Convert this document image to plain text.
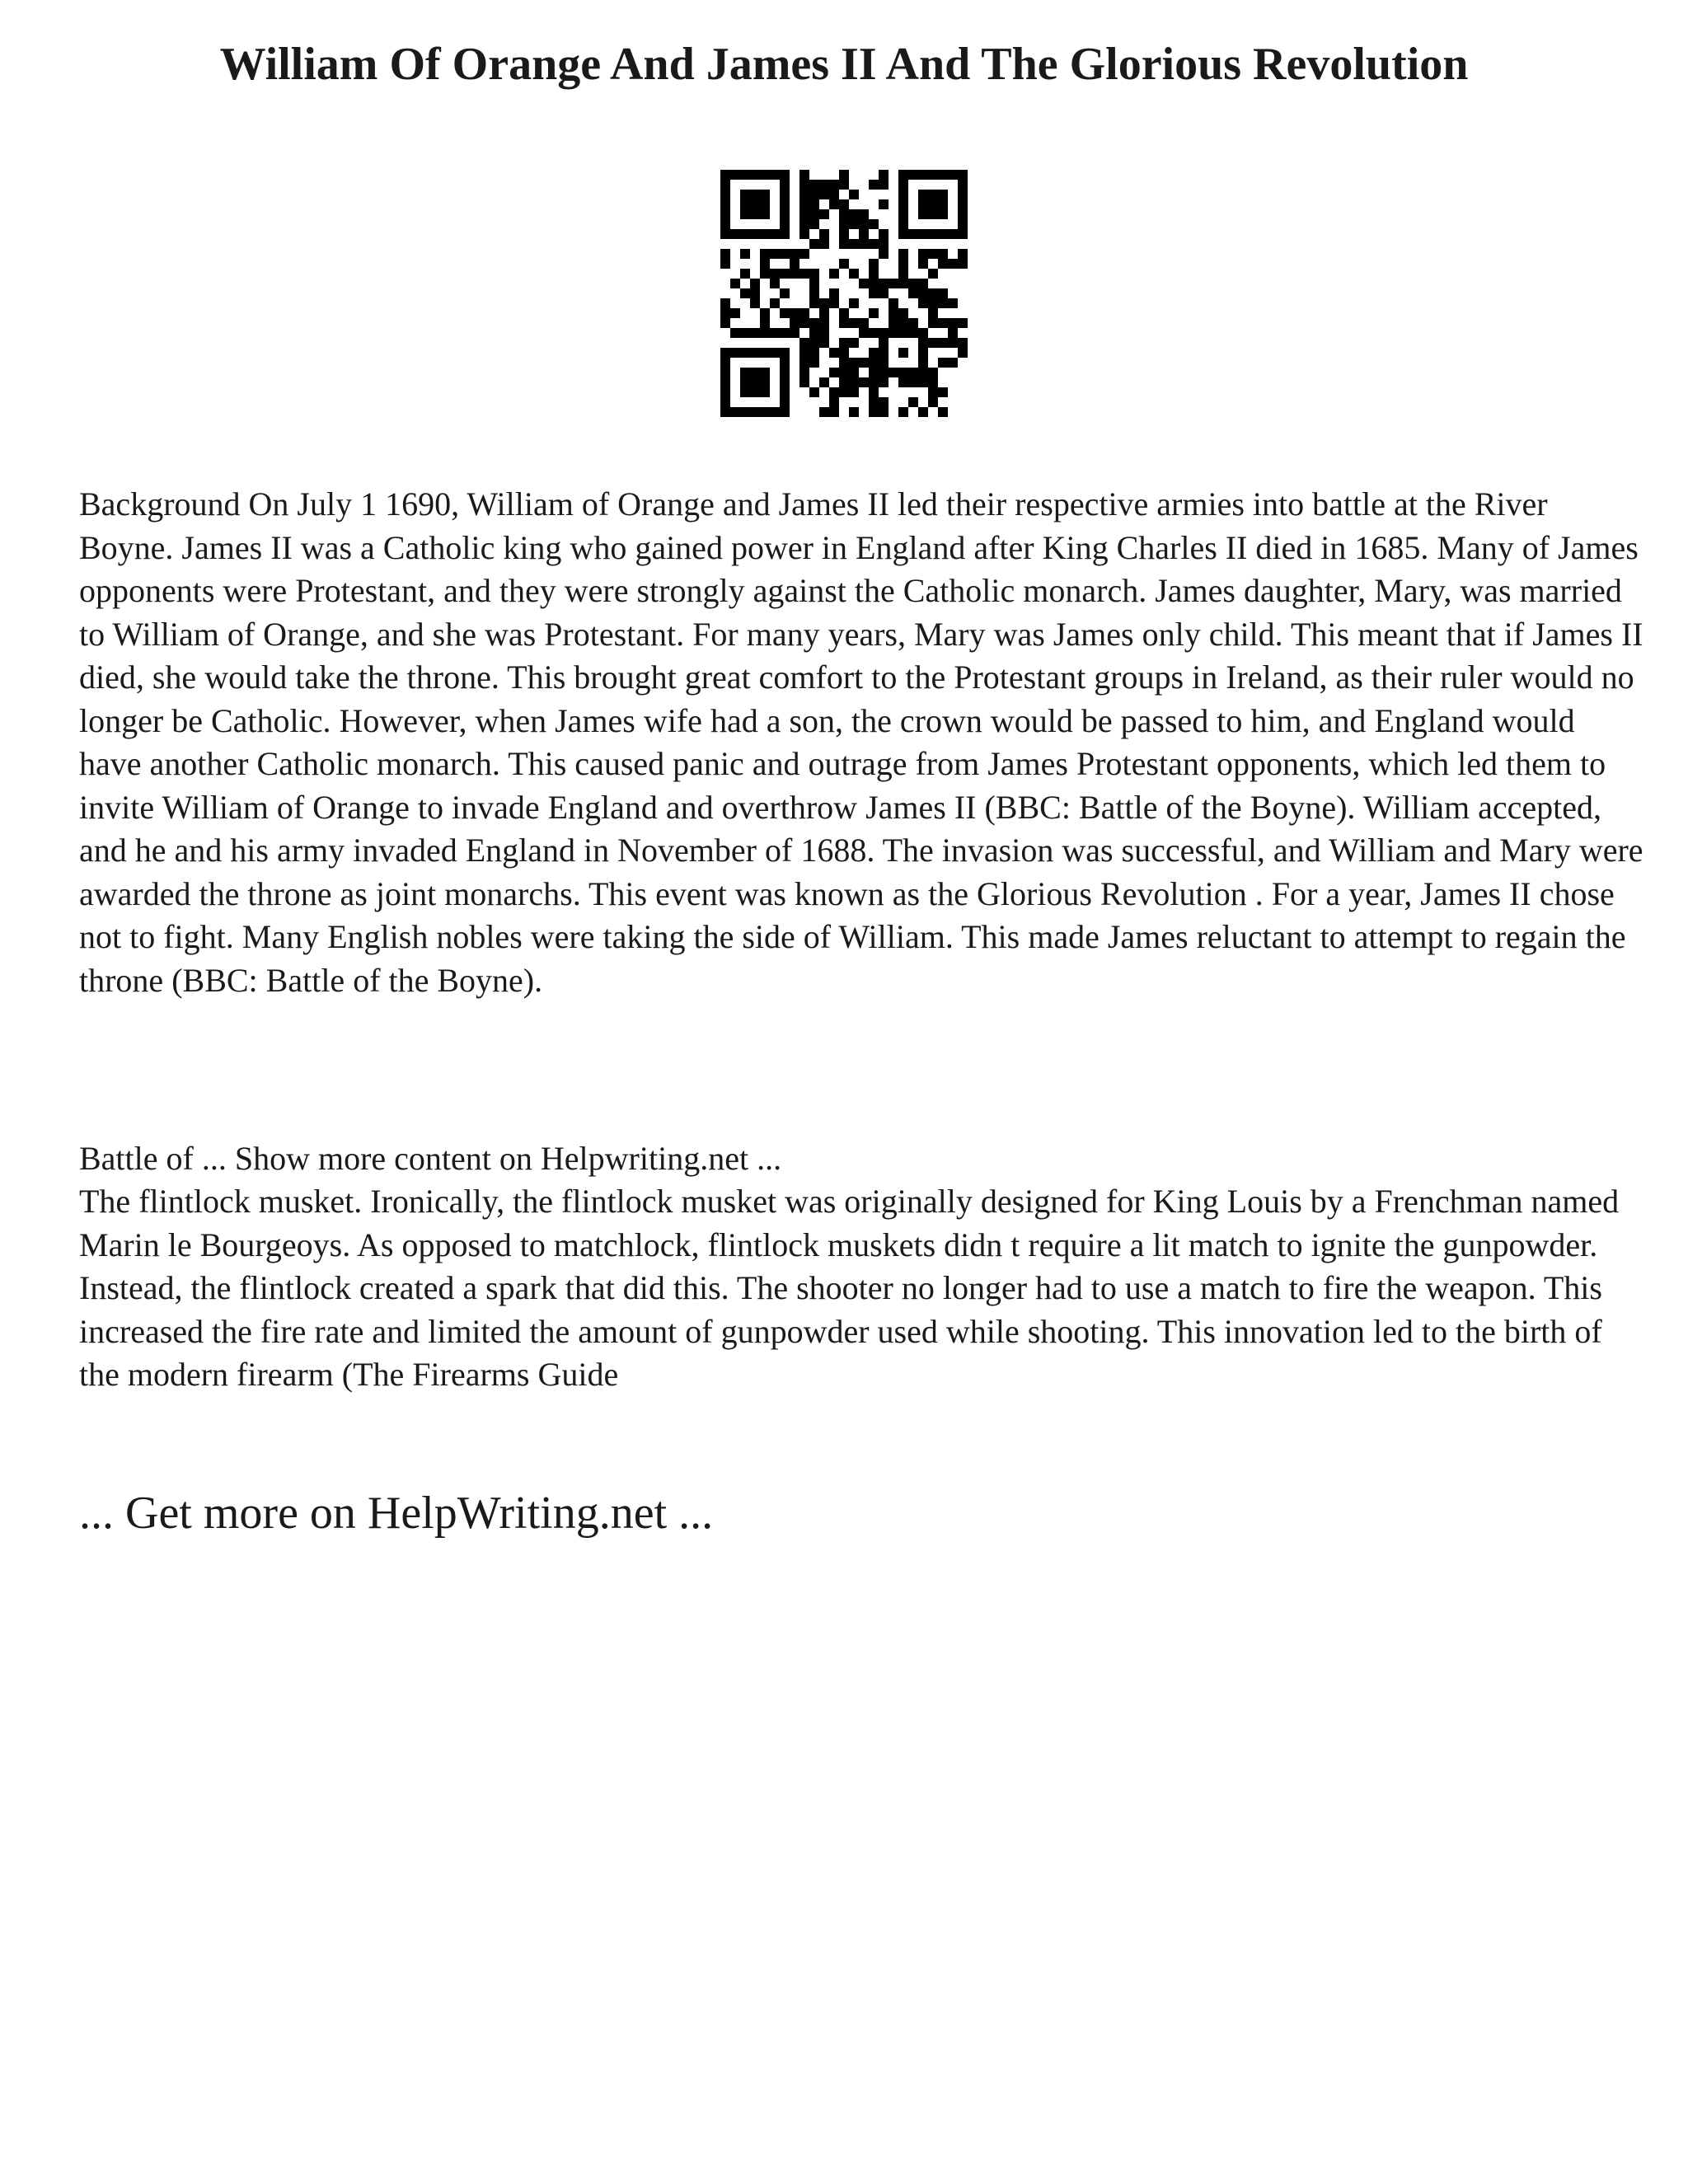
William Of Orange And James II And The Glorious Revolution

Background On July 1 1690, William of Orange and James II led their respective armies into battle at the River Boyne. James II was a Catholic king who gained power in England after King Charles II died in 1685. Many of James opponents were Protestant, and they were strongly against the Catholic monarch. James daughter, Mary, was married to William of Orange, and she was Protestant. For many years, Mary was James only child. This meant that if James II died, she would take the throne. This brought great comfort to the Protestant groups in Ireland, as their ruler would no longer be Catholic. However, when James wife had a son, the crown would be passed to him, and England would have another Catholic monarch. This caused panic and outrage from James Protestant opponents, which led them to invite William of Orange to invade England and overthrow James II (BBC: Battle of the Boyne). William accepted, and he and his army invaded England in November of 1688. The invasion was successful, and William and Mary were awarded the throne as joint monarchs. This event was known as the Glorious Revolution . For a year, James II chose not to fight. Many English nobles were taking the side of William. This made James reluctant to attempt to regain the throne (BBC: Battle of the Boyne).

Battle of ... Show more content on Helpwriting.net ...

The flintlock musket. Ironically, the flintlock musket was originally designed for King Louis by a Frenchman named Marin le Bourgeoys. As opposed to matchlock, flintlock muskets didn t require a lit match to ignite the gunpowder. Instead, the flintlock created a spark that did this. The shooter no longer had to use a match to fire the weapon. This increased the fire rate and limited the amount of gunpowder used while shooting. This innovation led to the birth of the modern firearm (The Firearms Guide

... Get more on HelpWriting.net ...
